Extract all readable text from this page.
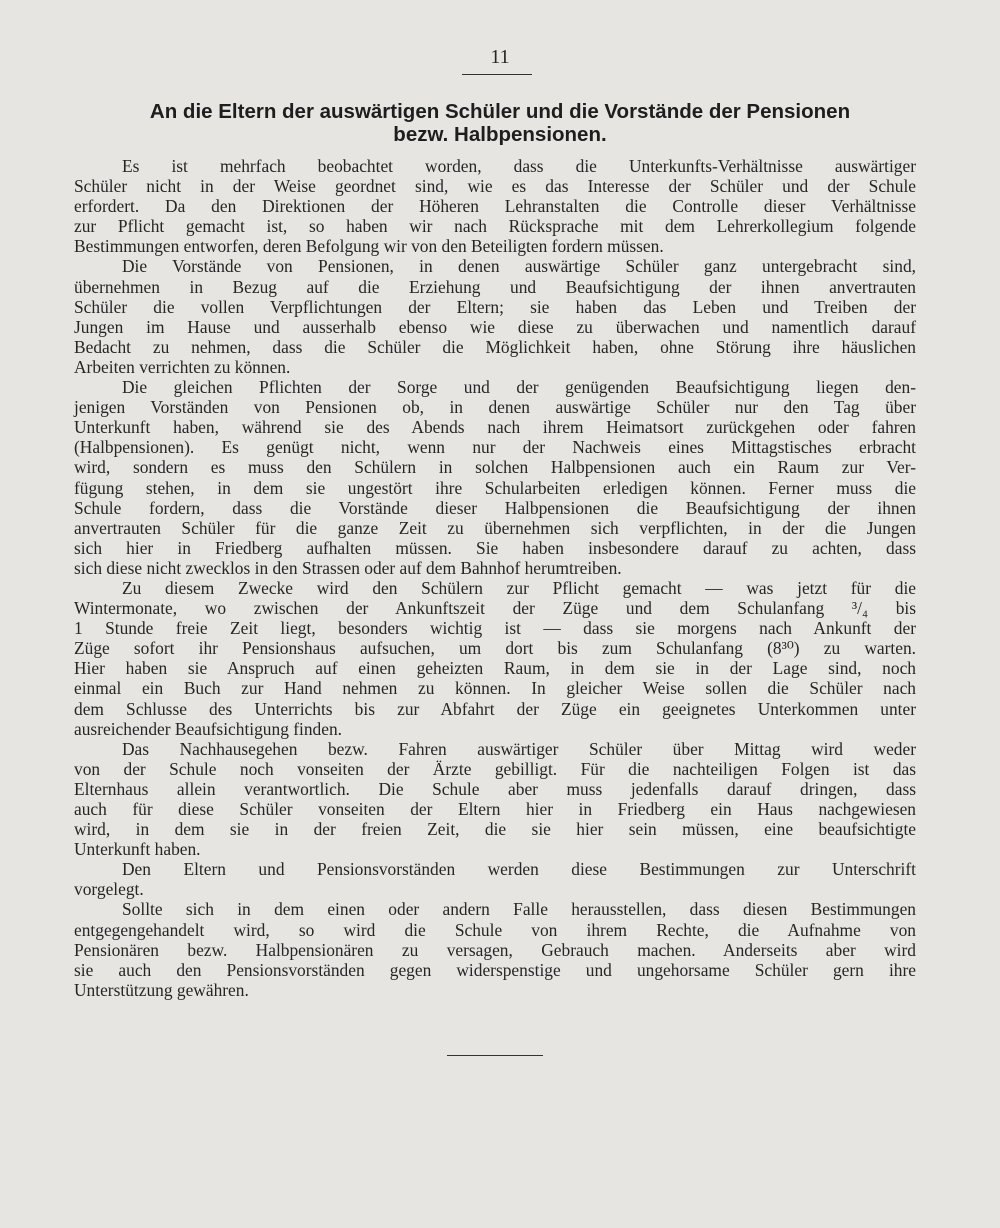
11
An die Eltern der auswärtigen Schüler und die Vorstände der Pensionen
bezw. Halbpensionen.

Es ist mehrfach beobachtet worden, dass die Unterkunfts-Verhältnisse auswärtiger
Schüler nicht in der Weise geordnet sind, wie es das Interesse der Schüler und der Schule
erfordert. Da den Direktionen der Höheren Lehranstalten die Controlle dieser Verhältnisse
zur Pflicht gemacht ist, so haben wir nach Rücksprache mit dem Lehrerkollegium folgende
Bestimmungen entworfen, deren Befolgung wir von den Beteiligten fordern müssen.

Die Vorstände von Pensionen, in denen auswärtige Schüler ganz untergebracht sind,
übernehmen in Bezug auf die Erziehung und Beaufsichtigung der ihnen anvertrauten
Schüler die vollen Verpflichtungen der Eltern; sie haben das Leben und Treiben der
Jungen im Hause und ausserhalb ebenso wie diese zu überwachen und namentlich darauf
Bedacht zu nehmen, dass die Schüler die Möglichkeit haben, ohne Störung ihre häuslichen
Arbeiten verrichten zu können.

Die gleichen Pflichten der Sorge und der genügenden Beaufsichtigung liegen den-
jenigen Vorständen von Pensionen ob, in denen auswärtige Schüler nur den Tag über
Unterkunft haben, während sie des Abends nach ihrem Heimatsort zurückgehen oder fahren
(Halbpensionen). Es genügt nicht, wenn nur der Nachweis eines Mittagstisches erbracht
wird, sondern es muss den Schülern in solchen Halbpensionen auch ein Raum zur Ver-
fügung stehen, in dem sie ungestört ihre Schularbeiten erledigen können. Ferner muss die
Schule fordern, dass die Vorstände dieser Halbpensionen die Beaufsichtigung der ihnen
anvertrauten Schüler für die ganze Zeit zu übernehmen sich verpflichten, in der die Jungen
sich hier in Friedberg aufhalten müssen. Sie haben insbesondere darauf zu achten, dass
sich diese nicht zwecklos in den Strassen oder auf dem Bahnhof herumtreiben.

Zu diesem Zwecke wird den Schülern zur Pflicht gemacht — was jetzt für die
Wintermonate, wo zwischen der Ankunftszeit der Züge und dem Schulanfang ³/₄ bis
1 Stunde freie Zeit liegt, besonders wichtig ist — dass sie morgens nach Ankunft der
Züge sofort ihr Pensionshaus aufsuchen, um dort bis zum Schulanfang (8³⁰) zu warten.
Hier haben sie Anspruch auf einen geheizten Raum, in dem sie in der Lage sind, noch
einmal ein Buch zur Hand nehmen zu können. In gleicher Weise sollen die Schüler nach
dem Schlusse des Unterrichts bis zur Abfahrt der Züge ein geeignetes Unterkommen unter
ausreichender Beaufsichtigung finden.

Das Nachhausegehen bezw. Fahren auswärtiger Schüler über Mittag wird weder
von der Schule noch vonseiten der Ärzte gebilligt. Für die nachteiligen Folgen ist das
Elternhaus allein verantwortlich. Die Schule aber muss jedenfalls darauf dringen, dass
auch für diese Schüler vonseiten der Eltern hier in Friedberg ein Haus nachgewiesen
wird, in dem sie in der freien Zeit, die sie hier sein müssen, eine beaufsichtigte
Unterkunft haben.

Den Eltern und Pensionsvorständen werden diese Bestimmungen zur Unterschrift
vorgelegt.

Sollte sich in dem einen oder andern Falle herausstellen, dass diesen Bestimmungen
entgegengehandelt wird, so wird die Schule von ihrem Rechte, die Aufnahme von
Pensionären bezw. Halbpensionären zu versagen, Gebrauch machen. Anderseits aber wird
sie auch den Pensionsvorständen gegen widerspenstige und ungehorsame Schüler gern ihre
Unterstützung gewähren.
